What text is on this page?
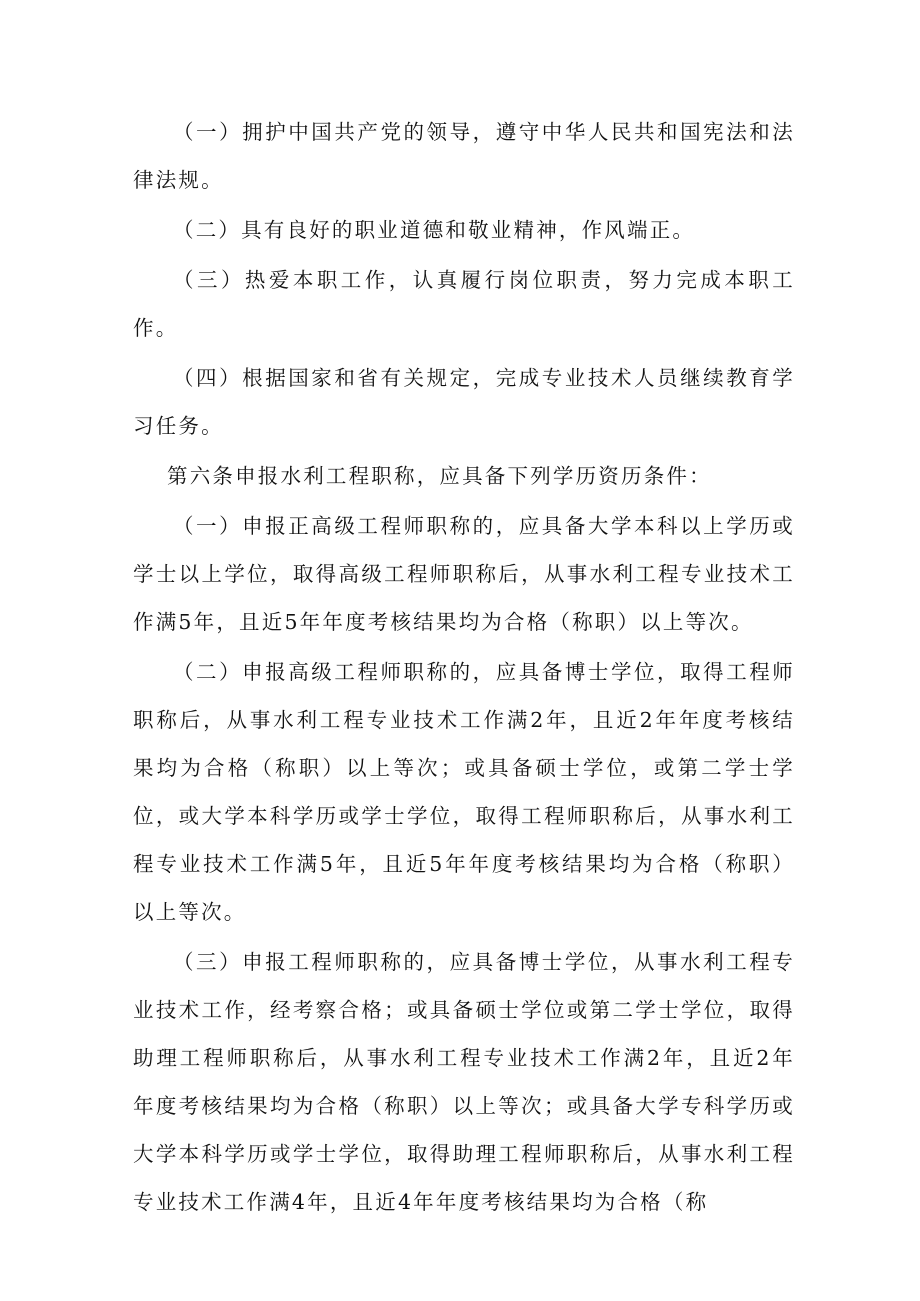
（一）拥护中国共产党的领导，遵守中华人民共和国宪法和法律法规。

（二）具有良好的职业道德和敬业精神，作风端正。

（三）热爱本职工作，认真履行岗位职责，努力完成本职工作。

（四）根据国家和省有关规定，完成专业技术人员继续教育学习任务。

第六条申报水利工程职称，应具备下列学历资历条件：

（一）申报正高级工程师职称的，应具备大学本科以上学历或学士以上学位，取得高级工程师职称后，从事水利工程专业技术工作满5年，且近5年年度考核结果均为合格（称职）以上等次。

（二）申报高级工程师职称的，应具备博士学位，取得工程师职称后，从事水利工程专业技术工作满2年，且近2年年度考核结果均为合格（称职）以上等次；或具备硕士学位，或第二学士学位，或大学本科学历或学士学位，取得工程师职称后，从事水利工程专业技术工作满5年，且近5年年度考核结果均为合格（称职）以上等次。

（三）申报工程师职称的，应具备博士学位，从事水利工程专业技术工作，经考察合格；或具备硕士学位或第二学士学位，取得助理工程师职称后，从事水利工程专业技术工作满2年，且近2年年度考核结果均为合格（称职）以上等次；或具备大学专科学历或大学本科学历或学士学位，取得助理工程师职称后，从事水利工程专业技术工作满4年，且近4年年度考核结果均为合格（称
